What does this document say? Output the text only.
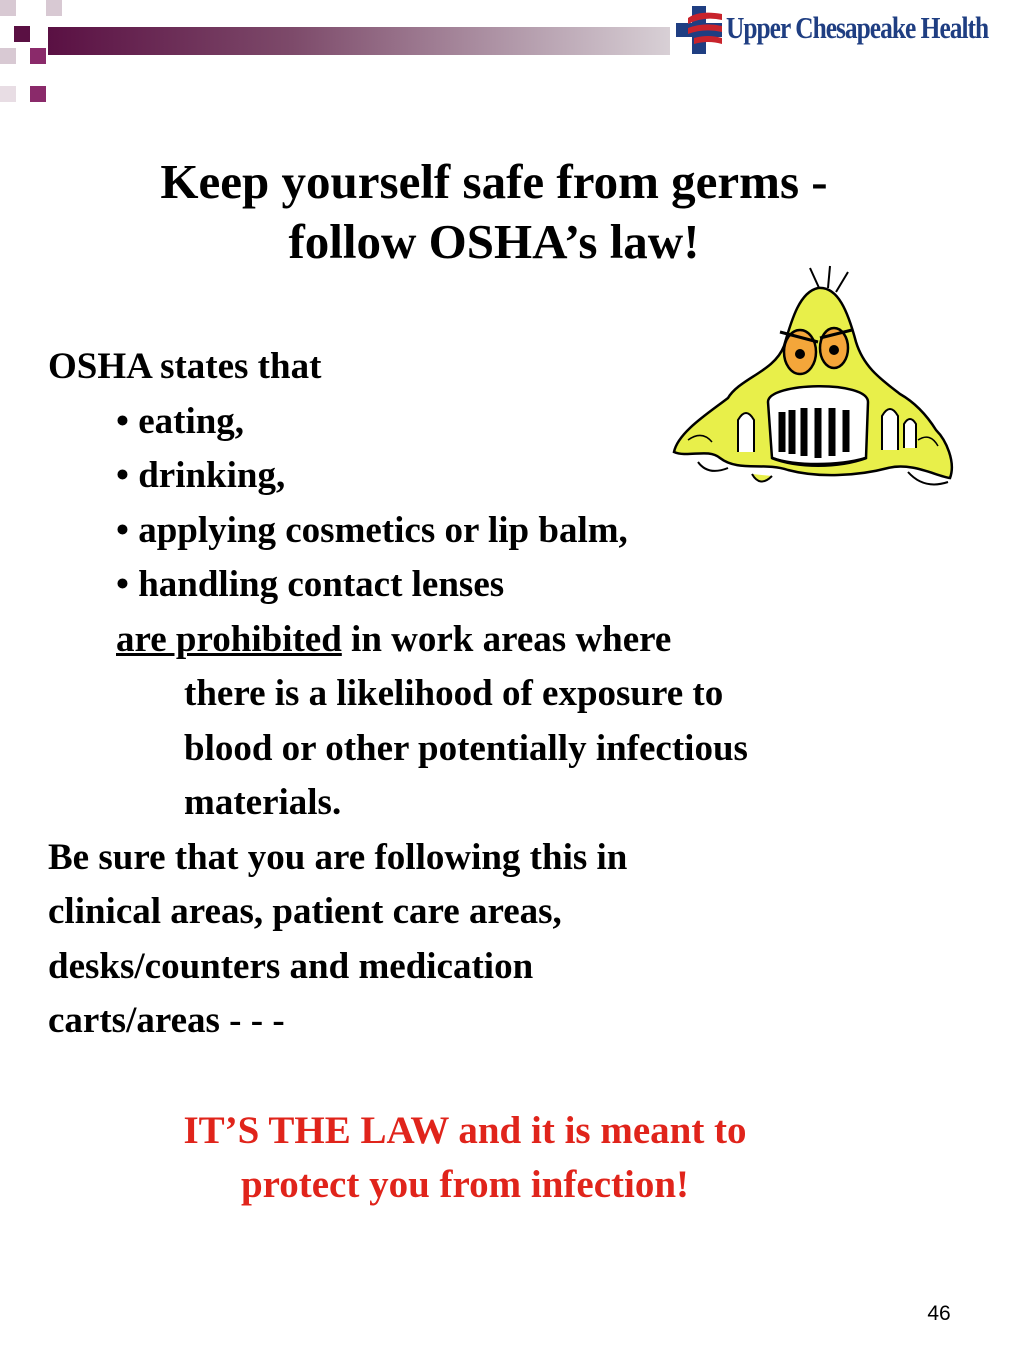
Upper Chesapeake Health
Keep yourself safe from germs -
follow OSHA’s law!
OSHA states that
• eating,
• drinking,
• applying cosmetics or lip balm,
• handling contact lenses
are prohibited in work areas where
there is a likelihood of exposure to
blood or other potentially infectious
materials.
Be sure that you are following this in
clinical areas, patient care areas,
desks/counters and medication
carts/areas - - -
IT’S THE LAW and it is meant to
protect you from infection!
46
